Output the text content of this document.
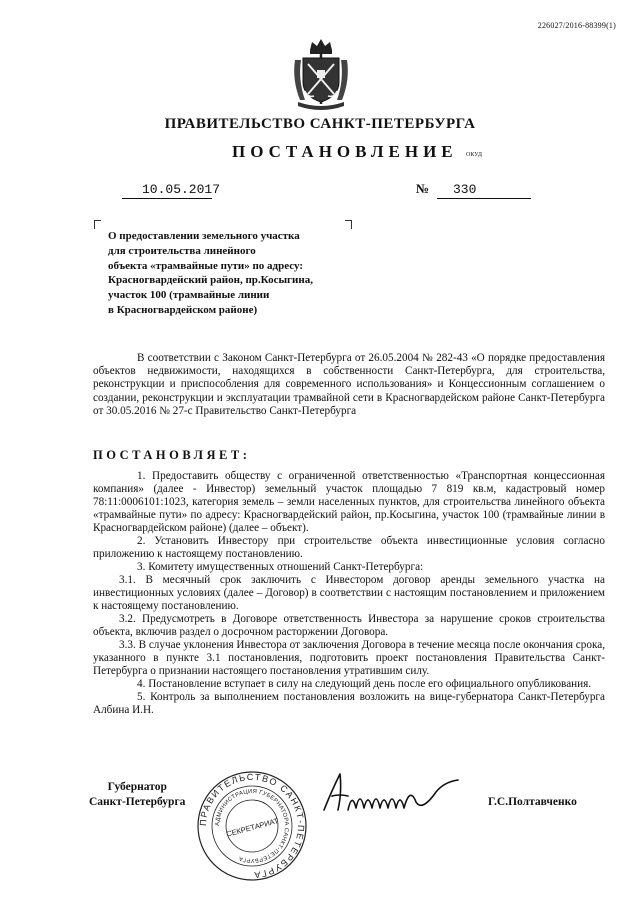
226027/2016-88399(1)
ПРАВИТЕЛЬСТВО САНКТ-ПЕТЕРБУРГА
ПОСТАНОВЛЕНИЕ ОКУД
10.05.2017	№	330
О предоставлении земельного участка
для строительства линейного
объекта «трамвайные пути» по адресу:
Красногвардейский район, пр.Косыгина,
участок 100 (трамвайные линии
в Красногвардейском районе)
В соответствии с Законом Санкт-Петербурга от 26.05.2004 № 282-43 «О порядке предоставления объектов недвижимости, находящихся в собственности Санкт-Петербурга, для строительства, реконструкции и приспособления для современного использования» и Концессионным соглашением о создании, реконструкции и эксплуатации трамвайной сети в Красногвардейском районе Санкт-Петербурга от 30.05.2016 № 27-с Правительство Санкт-Петербурга
ПОСТАНОВЛЯЕТ:

1. Предоставить обществу с ограниченной ответственностью «Транспортная концессионная компания» (далее - Инвестор) земельный участок площадью 7 819 кв.м, кадастровый номер 78:11:0006101:1023, категория земель – земли населенных пунктов, для строительства линейного объекта «трамвайные пути» по адресу: Красногвардейский район, пр.Косыгина, участок 100 (трамвайные линии в Красногвардейском районе) (далее – объект).

2. Установить Инвестору при строительстве объекта инвестиционные условия согласно приложению к настоящему постановлению.

3. Комитету имущественных отношений Санкт-Петербурга:

3.1. В месячный срок заключить с Инвестором договор аренды земельного участка на инвестиционных условиях (далее – Договор) в соответствии с настоящим постановлением и приложением к настоящему постановлению.

3.2. Предусмотреть в Договоре ответственность Инвестора за нарушение сроков строительства объекта, включив раздел о досрочном расторжении Договора.

3.3. В случае уклонения Инвестора от заключения Договора в течение месяца после окончания срока, указанного в пункте 3.1 постановления, подготовить проект постановления Правительства Санкт-Петербурга о признании настоящего постановления утратившим силу.

4. Постановление вступает в силу на следующий день после его официального опубликования.

5. Контроль за выполнением постановления возложить на вице-губернатора Санкт-Петербурга Албина И.Н.

Губернатор
Санкт-Петербурга
ПРАВИТЕЛЬСТВО САНКТ-ПЕТЕРБУРГА
АДМИНИСТРАЦИЯ ГУБЕРНАТОРА САНКТ-ПЕТЕРБУРГА
СЕКРЕТАРИАТ
Г.С.Полтавченко
